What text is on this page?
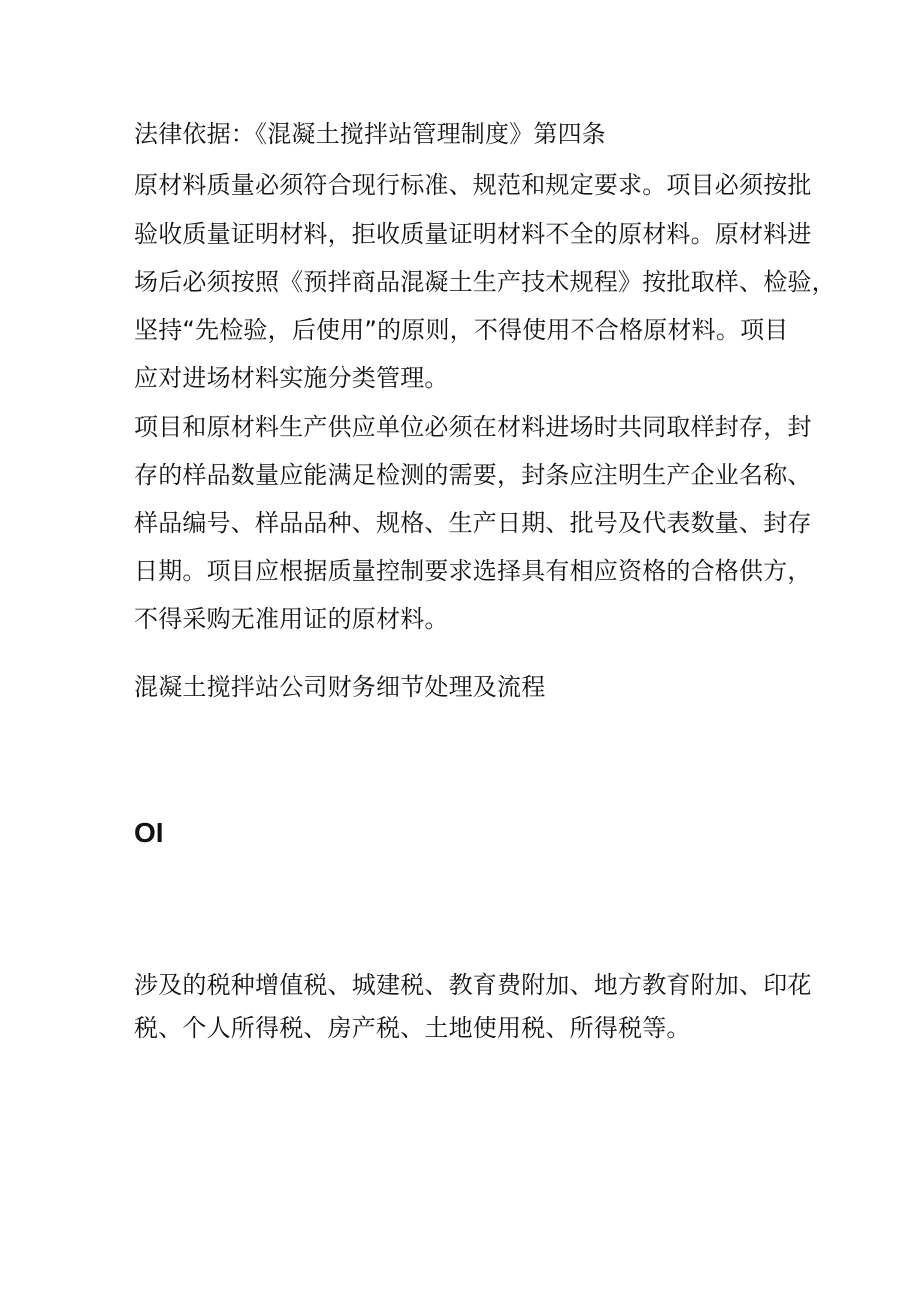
法律依据：《混凝土搅拌站管理制度》第四条
原材料质量必须符合现行标准、规范和规定要求。项目必须按批
验收质量证明材料，拒收质量证明材料不全的原材料。原材料进
场后必须按照《预拌商品混凝土生产技术规程》按批取样、检验，
坚持“先检验，后使用”的原则，不得使用不合格原材料。项目
应对进场材料实施分类管理。
项目和原材料生产供应单位必须在材料进场时共同取样封存，封
存的样品数量应能满足检测的需要，封条应注明生产企业名称、
样品编号、样品品种、规格、生产日期、批号及代表数量、封存
日期。项目应根据质量控制要求选择具有相应资格的合格供方，
不得采购无准用证的原材料。
混凝土搅拌站公司财务细节处理及流程
OI
涉及的税种增值税、城建税、教育费附加、地方教育附加、印花
税、个人所得税、房产税、土地使用税、所得税等。
